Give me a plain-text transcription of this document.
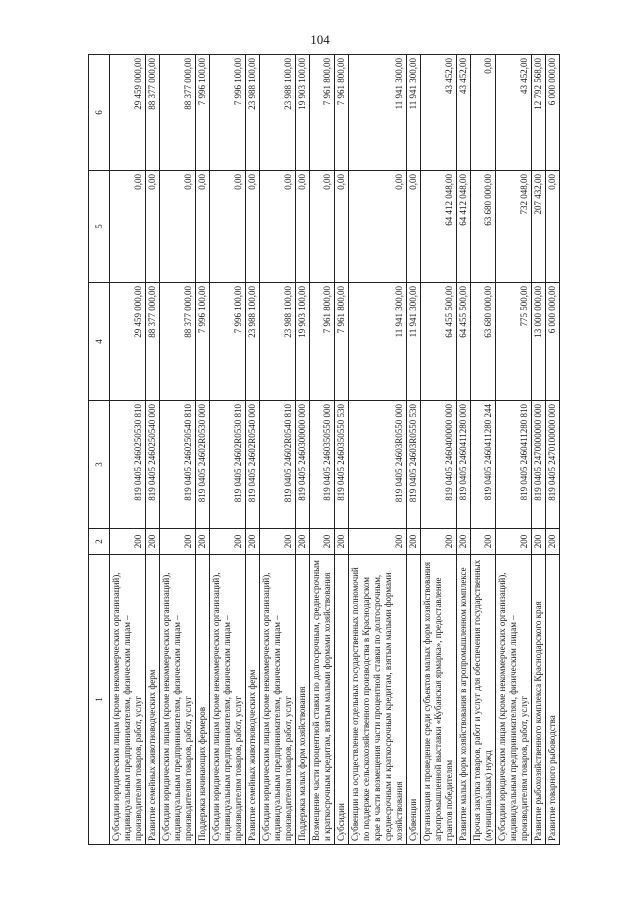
104
1	2	3	4	5	6
Субсидии юридическим лицам (кроме некоммерческих организаций), индивидуальным предпринимателям, физическим лицам – производителям товаров, работ, услуг	200	819 0405 2460250530 810	29 459 000,00	0,00	29 459 000,00
Развитие семейных животноводческих ферм	200	819 0405 2460250540 000	88 377 000,00	0,00	88 377 000,00
Субсидии юридическим лицам (кроме некоммерческих организаций), индивидуальным предпринимателям, физическим лицам – производителям товаров, работ, услуг	200	819 0405 2460250540 810	88 377 000,00	0,00	88 377 000,00
Поддержка начинающих фермеров	200	819 0405 24602R0530 000	7 996 100,00	0,00	7 996 100,00
Субсидии юридическим лицам (кроме некоммерческих организаций), индивидуальным предпринимателям, физическим лицам – производителям товаров, работ, услуг	200	819 0405 24602R0530 810	7 996 100,00	0,00	7 996 100,00
Развитие семейных животноводческих ферм	200	819 0405 24602R0540 000	23 988 100,00	0,00	23 988 100,00
Субсидии юридическим лицам (кроме некоммерческих организаций), индивидуальным предпринимателям, физическим лицам – производителям товаров, работ, услуг	200	819 0405 24602R0540 810	23 988 100,00	0,00	23 988 100,00
Поддержка малых форм хозяйствования	200	819 0405 2460300000 000	19 903 100,00	0,00	19 903 100,00
Возмещение части процентной ставки по долгосрочным, среднесрочным и краткосрочным кредитам, взятым малыми формами хозяйствования	200	819 0405 2460350550 000	7 961 800,00	0,00	7 961 800,00
Субсидии	200	819 0405 2460350550 530	7 961 800,00	0,00	7 961 800,00
Субвенции на осуществление отдельных государственных полномочий по поддержке сельскохозяйственного производства в Краснодарском крае в части возмещения части процентной ставки по долгосрочным, среднесрочным и краткосрочным кредитам, взятым малыми формами хозяйствования	200	819 0405 24603R0550 000	11 941 300,00	0,00	11 941 300,00
Субвенции	200	819 0405 24603R0550 530	11 941 300,00	0,00	11 941 300,00
Организация и проведение среди субъектов малых форм хозяйствования агропромышленной выставки «Кубанская ярмарка», предоставление грантов победителям	200	819 0405 2460400000 000	64 455 500,00	64 412 048,00	43 452,00
Развитие малых форм хозяйствования в агропромышленном комплексе	200	819 0405 2460411280 000	64 455 500,00	64 412 048,00	43 452,00
Прочая закупка товаров, работ и услуг для обеспечения государственных (муниципальных) нужд	200	819 0405 2460411280 244	63 680 000,00	63 680 000,00	0,00
Субсидии юридическим лицам (кроме некоммерческих организаций), индивидуальным предпринимателям, физическим лицам – производителям товаров, работ, услуг	200	819 0405 2460411280 810	775 500,00	732 048,00	43 452,00
Развитие рыбохозяйственного комплекса Краснодарского края	200	819 0405 2470000000 000	13 000 000,00	207 432,00	12 792 568,00
Развитие товарного рыбоводства	200	819 0405 2470100000 000	6 000 000,00	0,00	6 000 000,00
